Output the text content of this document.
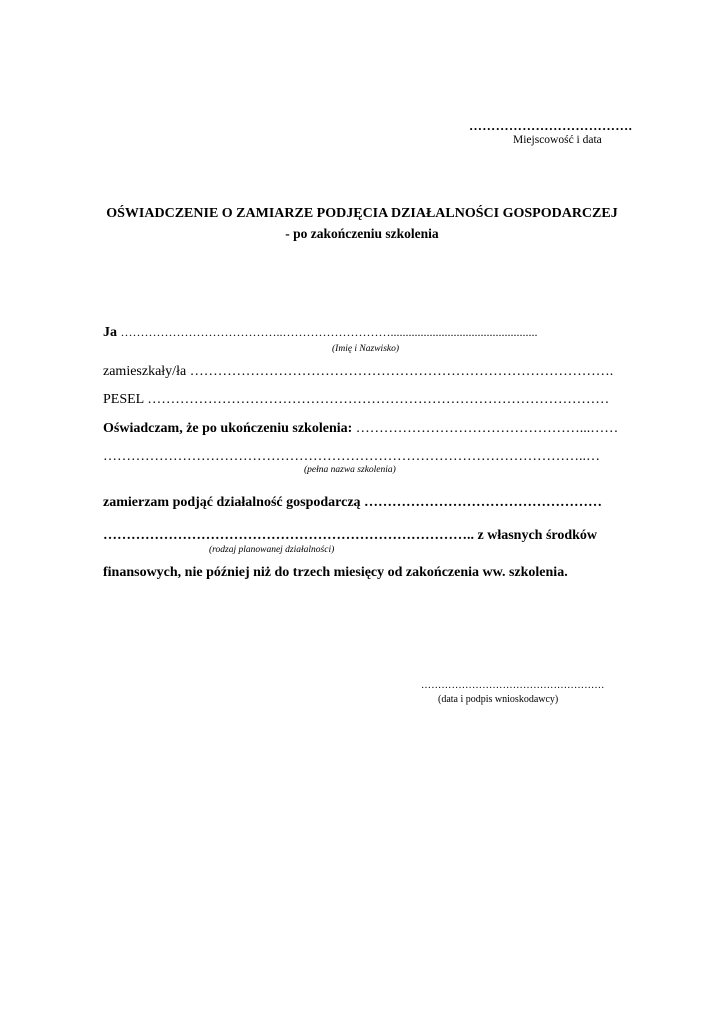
……………………………….
Miejscowość i data
OŚWIADCZENIE O ZAMIARZE PODJĘCIA DZIAŁALNOŚCI GOSPODARCZEJ
- po zakończeniu szkolenia
Ja …………………………………..……………………….................................................
(Imię i Nazwisko)
zamieszkały/ła ……………………………………………………………………………….
PESEL ………………………………………………………………………………………
Oświadczam, że po ukończeniu szkolenia: …………………………………………...……
…………………………………………………………………………………………..…
(pełna nazwa szkolenia)
zamierzam podjąć działalność gospodarczą ……………………………………………
…………………………………………………………………….. z własnych środków
(rodzaj planowanej działalności)
finansowych, nie później niż do trzech miesięcy od zakończenia ww. szkolenia.
………………………………………………
(data i podpis wnioskodawcy)
